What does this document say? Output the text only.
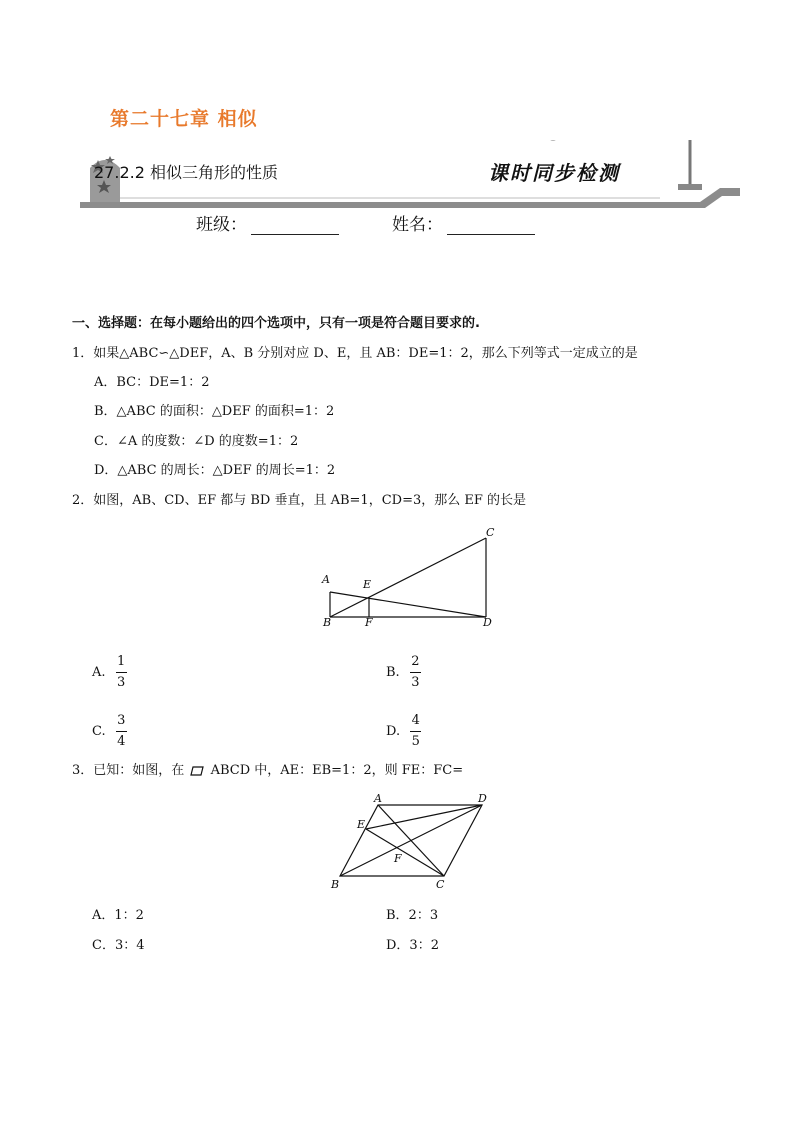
第二十七章 相似
27.2.2 相似三角形的性质	课时同步检测
班级：	姓名：
一、选择题：在每小题给出的四个选项中，只有一项是符合题目要求的.
1．如果△ABC∽△DEF，A、B 分别对应 D、E，且 AB：DE=1：2，那么下列等式一定成立的是
A．BC：DE=1：2
B．△ABC 的面积：△DEF 的面积=1：2
C．∠A 的度数：∠D 的度数=1：2
D．△ABC 的周长：△DEF 的周长=1：2
2．如图，AB、CD、EF 都与 BD 垂直，且 AB=1，CD=3，那么 EF 的长是
A
B
C
D
E
F
A. $\frac{1}{3}$	B. $\frac{2}{3}$
C. $\frac{3}{4}$	D. $\frac{4}{5}$
3．已知：如图，在 ABCD 中，AE：EB=1：2，则 FE：FC=
A
B	C
D
E
F
A．1：2	B．2：3
C．3：4	D．3：2
